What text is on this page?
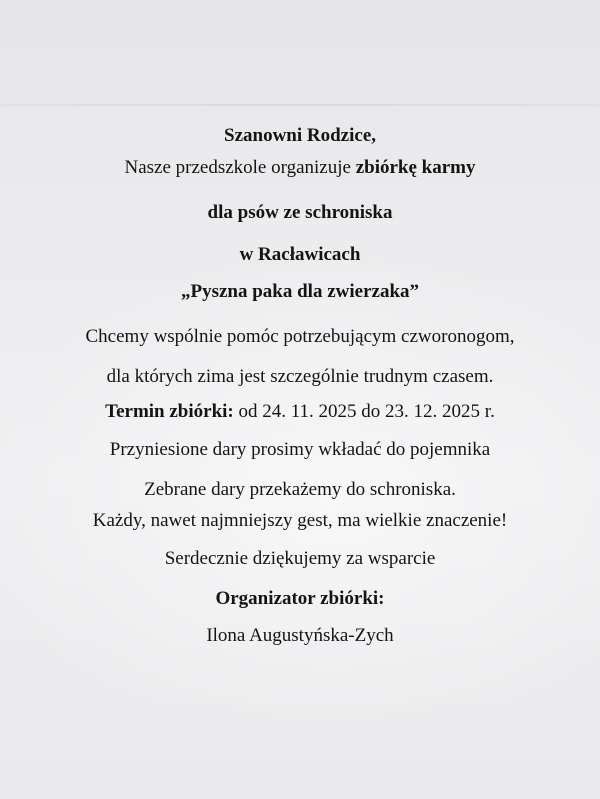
Szanowni Rodzice,
Nasze przedszkole organizuje zbiórkę karmy
dla psów ze schroniska
w Racławicach
„Pyszna paka dla zwierzaka”
Chcemy wspólnie pomóc potrzebującym czworonogom,
dla których zima jest szczególnie trudnym czasem.
Termin zbiórki: od 24. 11. 2025 do 23. 12. 2025 r.
Przyniesione dary prosimy wkładać do pojemnika
Zebrane dary przekażemy do schroniska.
Każdy, nawet najmniejszy gest, ma wielkie znaczenie!
Serdecznie dziękujemy za wsparcie
Organizator zbiórki:
Ilona Augustyńska-Zych
